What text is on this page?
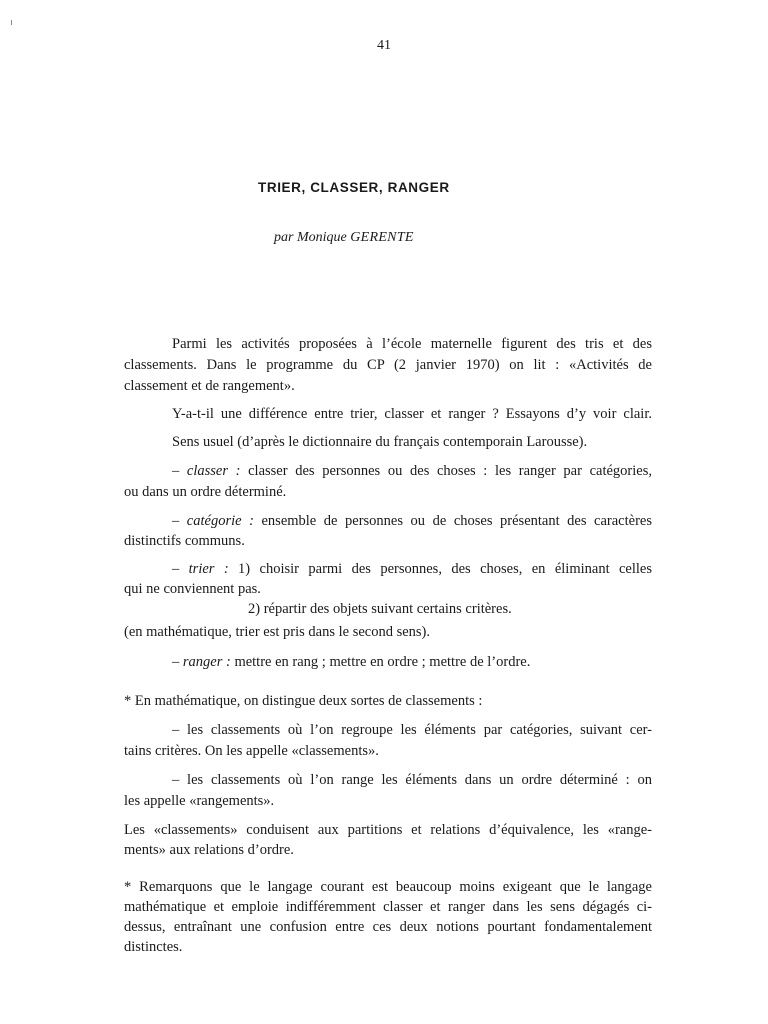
41
TRIER, CLASSER, RANGER
par Monique GERENTE
Parmi les activités proposées à l’école maternelle figurent des tris et des
classements. Dans le programme du CP (2 janvier 1970) on lit : «Activités de
classement et de rangement».
Y-a-t-il une différence entre trier, classer et ranger ? Essayons d’y voir clair.
Sens usuel (d’après le dictionnaire du français contemporain Larousse).
– classer : classer des personnes ou des choses : les ranger par catégories,
ou dans un ordre déterminé.
– catégorie : ensemble de personnes ou de choses présentant des caractères
distinctifs communs.
– trier : 1) choisir parmi des personnes, des choses, en éliminant celles
qui ne conviennent pas.
2) répartir des objets suivant certains critères.
(en mathématique, trier est pris dans le second sens).
– ranger : mettre en rang ; mettre en ordre ; mettre de l’ordre.
* En mathématique, on distingue deux sortes de classements :
– les classements où l’on regroupe les éléments par catégories, suivant cer-
tains critères. On les appelle «classements».
– les classements où l’on range les éléments dans un ordre déterminé : on
les appelle «rangements».
Les «classements» conduisent aux partitions et relations d’équivalence, les «range-
ments» aux relations d’ordre.
* Remarquons que le langage courant est beaucoup moins exigeant que le langage
mathématique et emploie indifféremment classer et ranger dans les sens dégagés ci-
dessus, entraînant une confusion entre ces deux notions pourtant fondamentalement
distinctes.
